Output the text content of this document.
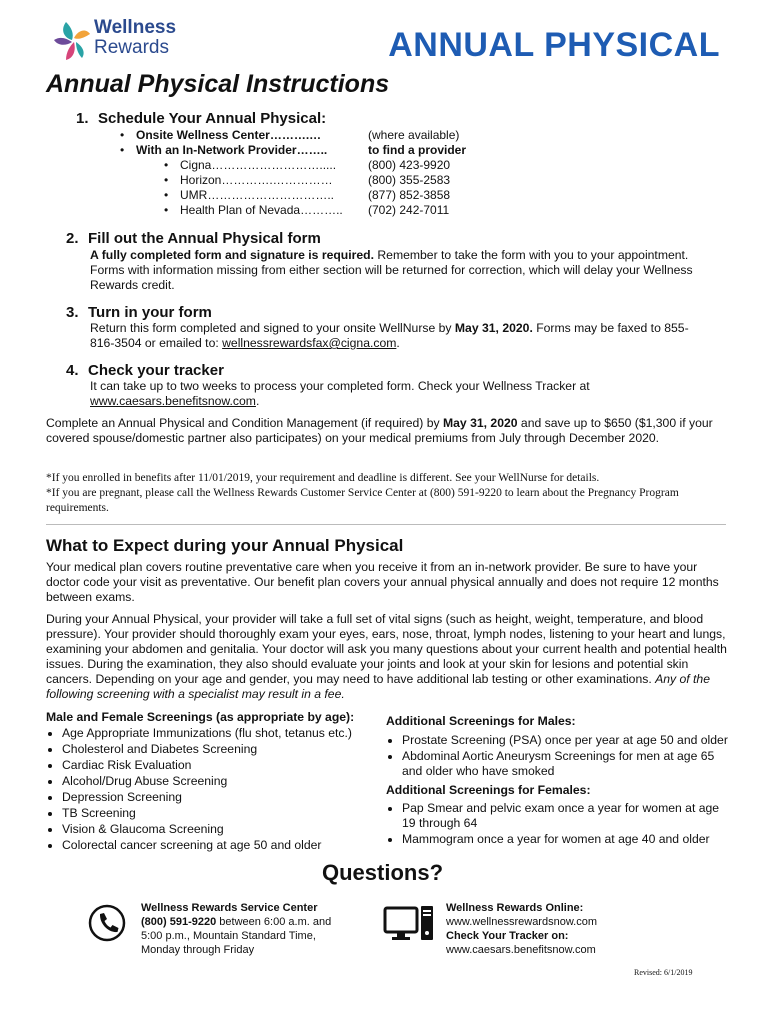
Wellness
Rewards	ANNUAL PHYSICAL
Annual Physical Instructions
1. Schedule Your Annual Physical:
• Onsite Wellness Center……….…
• With an In-Network Provider……..
• Cigna……………………….....
• Horizon………….……………
• UMR…………………………..
• Health Plan of Nevada………..
(where available)
to find a provider
(800) 423-9920
(800) 355-2583
(877) 852-3858
(702) 242-7011
2. Fill out the Annual Physical form
A fully completed form and signature is required. Remember to take the form with you to your appointment. Forms with information missing from either section will be returned for correction, which will delay your Wellness Rewards credit.
3. Turn in your form
Return this form completed and signed to your onsite WellNurse by May 31, 2020. Forms may be faxed to 855-816-3504 or emailed to: wellnessrewardsfax@cigna.com.
4. Check your tracker
It can take up to two weeks to process your completed form. Check your Wellness Tracker at www.caesars.benefitsnow.com.
Complete an Annual Physical and Condition Management (if required) by May 31, 2020 and save up to $650 ($1,300 if your covered spouse/domestic partner also participates) on your medical premiums from July through December 2020.
*If you enrolled in benefits after 11/01/2019, your requirement and deadline is different. See your WellNurse for details.
*If you are pregnant, please call the Wellness Rewards Customer Service Center at (800) 591-9220 to learn about the Pregnancy Program requirements.
What to Expect during your Annual Physical
Your medical plan covers routine preventative care when you receive it from an in-network provider. Be sure to have your doctor code your visit as preventative. Our benefit plan covers your annual physical annually and does not require 12 months between exams.
During your Annual Physical, your provider will take a full set of vital signs (such as height, weight, temperature, and blood pressure). Your provider should thoroughly exam your eyes, ears, nose, throat, lymph nodes, listening to your heart and lungs, examining your abdomen and genitalia. Your doctor will ask you many questions about your current health and potential health issues. During the examination, they also should evaluate your joints and look at your skin for lesions and potential skin cancers. Depending on your age and gender, you may need to have additional lab testing or other examinations. Any of the following screening with a specialist may result in a fee.
Male and Female Screenings (as appropriate by age):
• Age Appropriate Immunizations (flu shot, tetanus etc.)
• Cholesterol and Diabetes Screening
• Cardiac Risk Evaluation
• Alcohol/Drug Abuse Screening
• Depression Screening
• TB Screening
• Vision & Glaucoma Screening
• Colorectal cancer screening at age 50 and older
Additional Screenings for Males:
• Prostate Screening (PSA) once per year at age 50 and older
• Abdominal Aortic Aneurysm Screenings for men at age 65 and older who have smoked
Additional Screenings for Females:
• Pap Smear and pelvic exam once a year for women at age 19 through 64
• Mammogram once a year for women at age 40 and older
Questions?
Wellness Rewards Service Center
(800) 591-9220 between 6:00 a.m. and 5:00 p.m., Mountain Standard Time, Monday through Friday
Wellness Rewards Online:
www.wellnessrewardsnow.com
Check Your Tracker on:
www.caesars.benefitsnow.com
Revised: 6/1/2019
